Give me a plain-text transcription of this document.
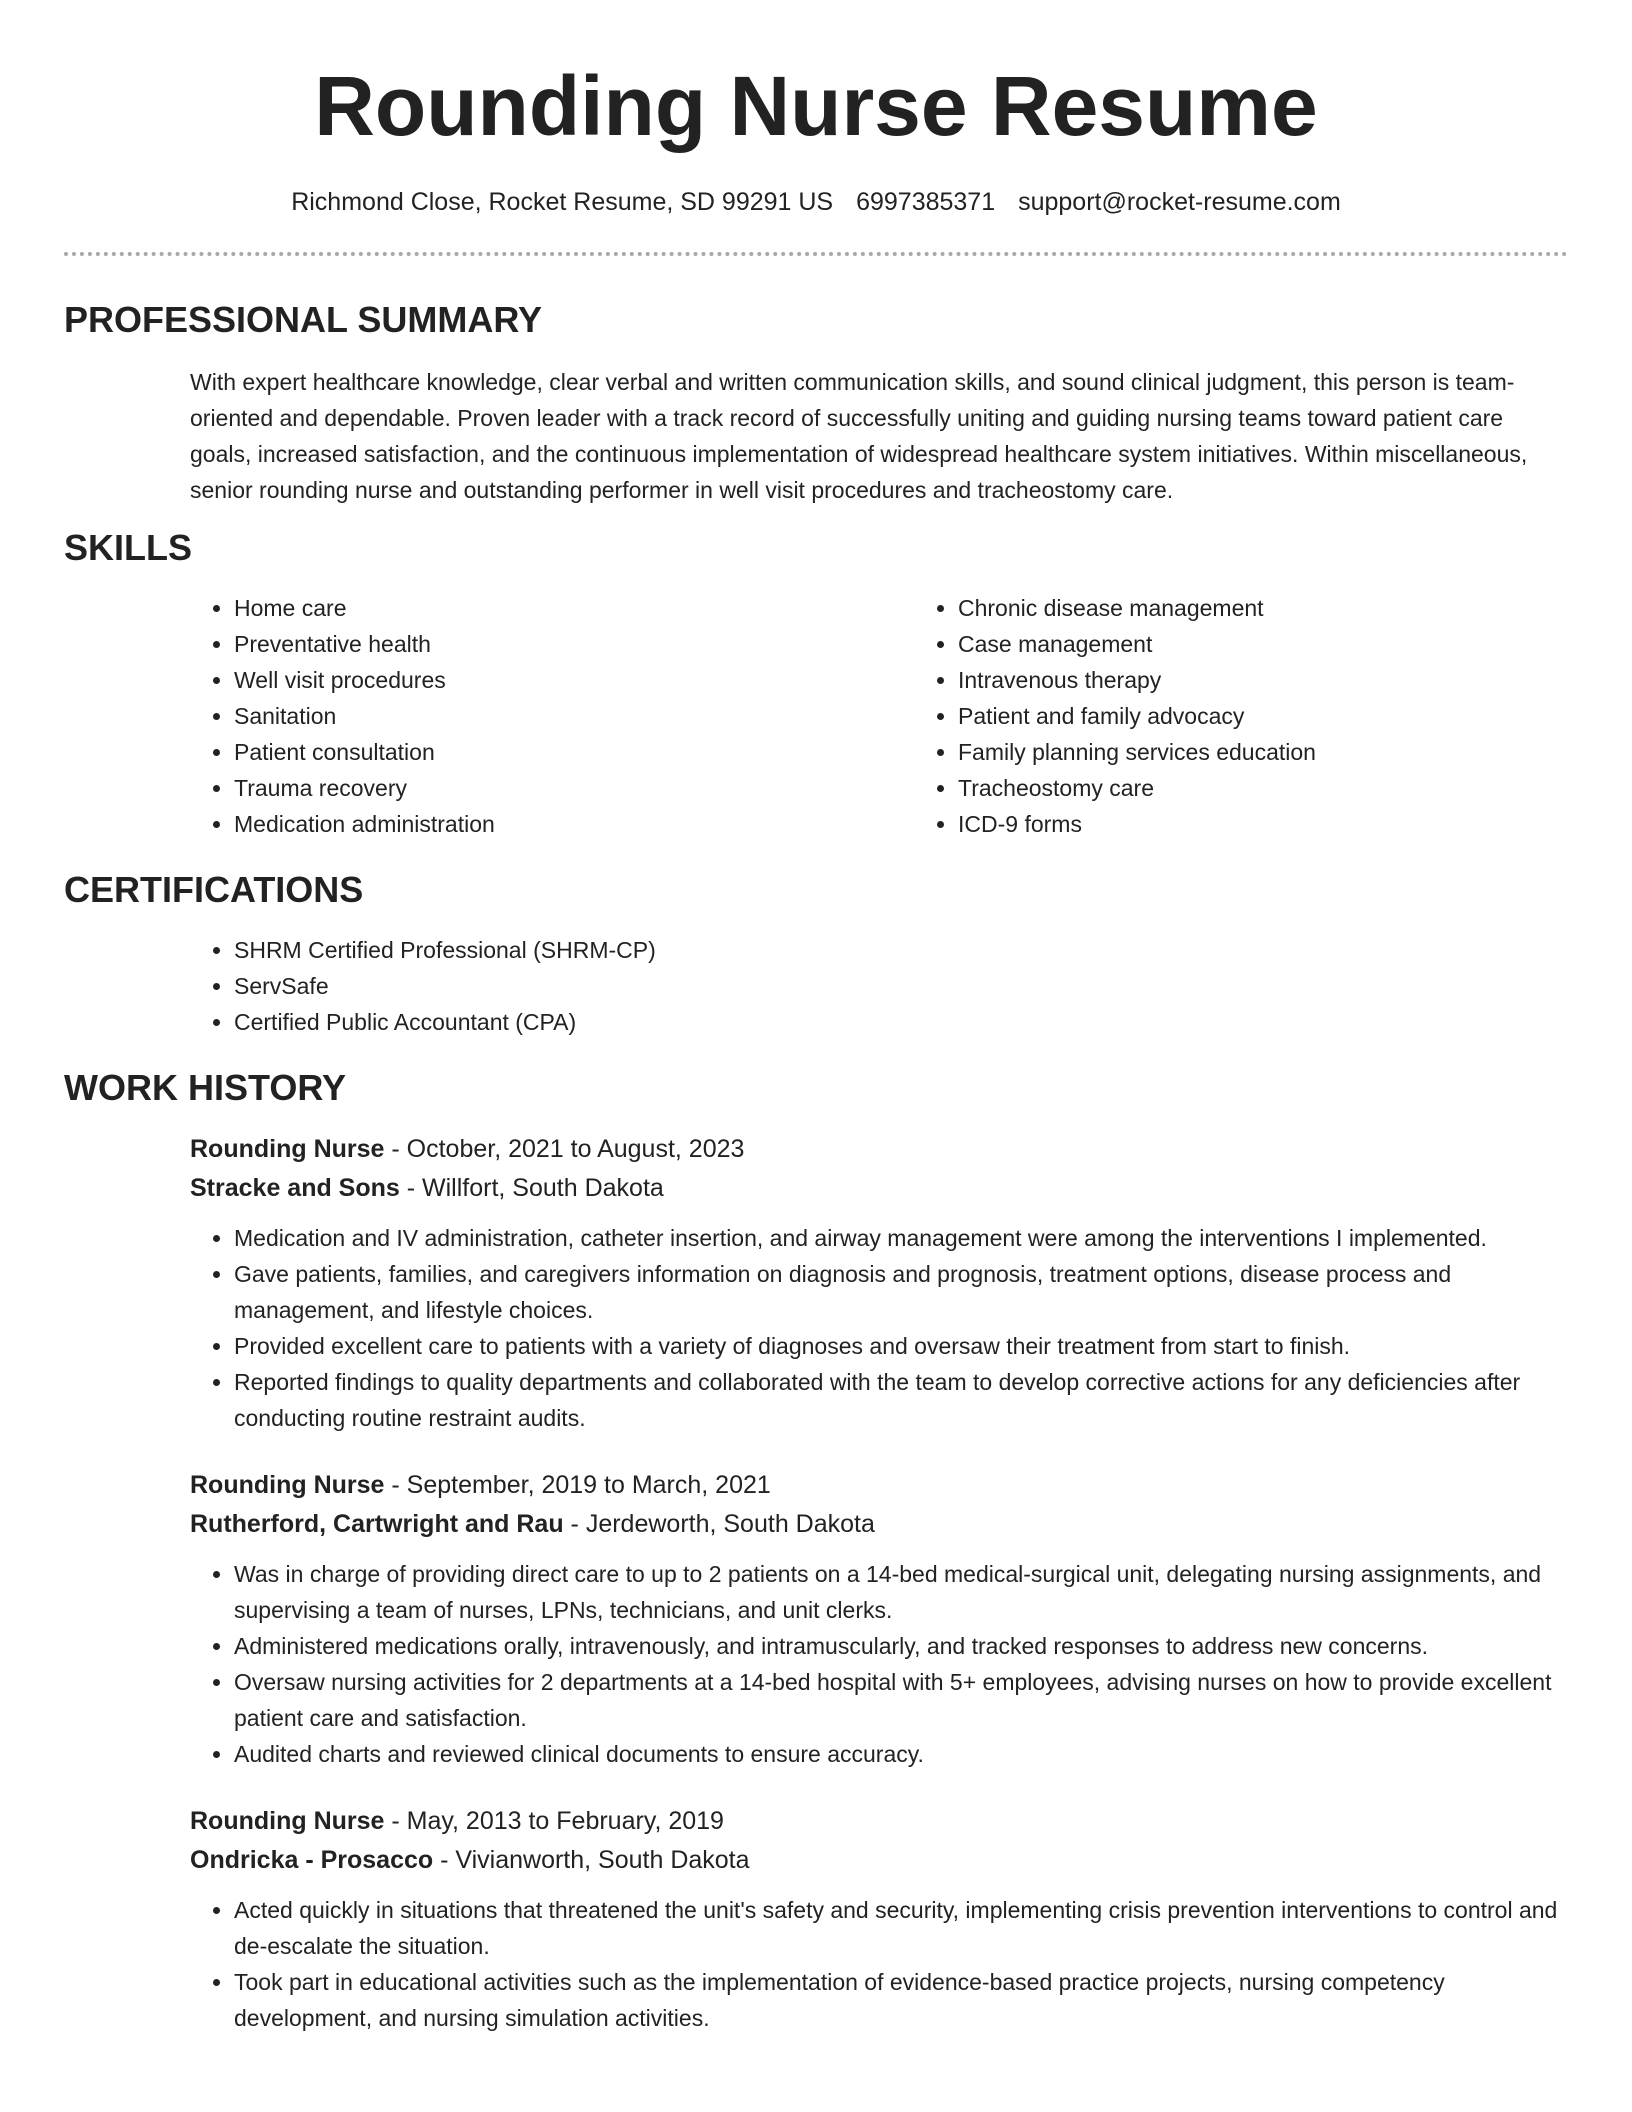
Rounding Nurse Resume
Richmond Close, Rocket Resume, SD 99291 US 6997385371 support@rocket-resume.com
PROFESSIONAL SUMMARY
With expert healthcare knowledge, clear verbal and written communication skills, and sound clinical judgment, this person is team-oriented and dependable. Proven leader with a track record of successfully uniting and guiding nursing teams toward patient care goals, increased satisfaction, and the continuous implementation of widespread healthcare system initiatives. Within miscellaneous, senior rounding nurse and outstanding performer in well visit procedures and tracheostomy care.
SKILLS
• Home care
• Preventative health
• Well visit procedures
• Sanitation
• Patient consultation
• Trauma recovery
• Medication administration
• Chronic disease management
• Case management
• Intravenous therapy
• Patient and family advocacy
• Family planning services education
• Tracheostomy care
• ICD-9 forms
CERTIFICATIONS
• SHRM Certified Professional (SHRM-CP)
• ServSafe
• Certified Public Accountant (CPA)
WORK HISTORY
Rounding Nurse - October, 2021 to August, 2023
Stracke and Sons - Willfort, South Dakota
• Medication and IV administration, catheter insertion, and airway management were among the interventions I implemented.
• Gave patients, families, and caregivers information on diagnosis and prognosis, treatment options, disease process and management, and lifestyle choices.
• Provided excellent care to patients with a variety of diagnoses and oversaw their treatment from start to finish.
• Reported findings to quality departments and collaborated with the team to develop corrective actions for any deficiencies after conducting routine restraint audits.
Rounding Nurse - September, 2019 to March, 2021
Rutherford, Cartwright and Rau - Jerdeworth, South Dakota
• Was in charge of providing direct care to up to 2 patients on a 14-bed medical-surgical unit, delegating nursing assignments, and supervising a team of nurses, LPNs, technicians, and unit clerks.
• Administered medications orally, intravenously, and intramuscularly, and tracked responses to address new concerns.
• Oversaw nursing activities for 2 departments at a 14-bed hospital with 5+ employees, advising nurses on how to provide excellent patient care and satisfaction.
• Audited charts and reviewed clinical documents to ensure accuracy.
Rounding Nurse - May, 2013 to February, 2019
Ondricka - Prosacco - Vivianworth, South Dakota
• Acted quickly in situations that threatened the unit's safety and security, implementing crisis prevention interventions to control and de-escalate the situation.
• Took part in educational activities such as the implementation of evidence-based practice projects, nursing competency development, and nursing simulation activities.
